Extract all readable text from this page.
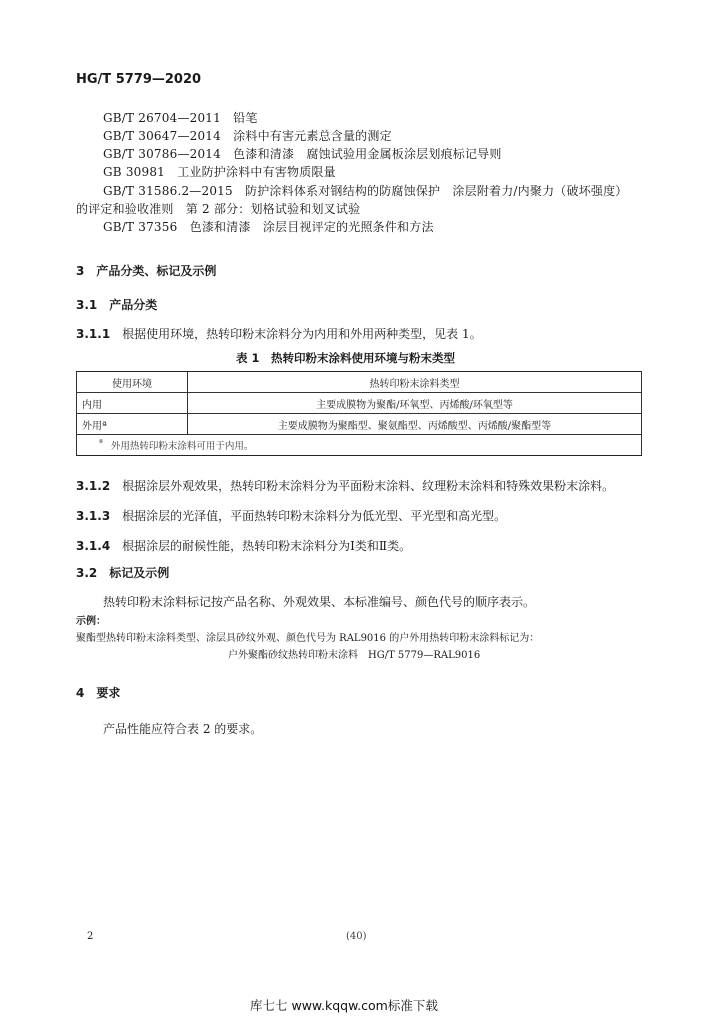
HG/T 5779—2020
GB/T 26704—2011　铅笔
GB/T 30647—2014　涂料中有害元素总含量的测定
GB/T 30786—2014　色漆和清漆　腐蚀试验用金属板涂层划痕标记导则
GB 30981　工业防护涂料中有害物质限量
GB/T 31586.2—2015　防护涂料体系对钢结构的防腐蚀保护　涂层附着力/内聚力（破坏强度）
的评定和验收准则　第 2 部分：划格试验和划叉试验
GB/T 37356　色漆和清漆　涂层目视评定的光照条件和方法
3　产品分类、标记及示例
3.1　产品分类
3.1.1 根据使用环境，热转印粉末涂料分为内用和外用两种类型，见表 1。
表 1　热转印粉末涂料使用环境与粉末类型
使用环境	热转印粉末涂料类型
内用	主要成膜物为聚酯/环氧型、丙烯酸/环氧型等
外用ª	主要成膜物为聚酯型、聚氨酯型、丙烯酸型、丙烯酸/聚酯型等
$^ª$ 外用热转印粉末涂料可用于内用。	
3.1.2 根据涂层外观效果，热转印粉末涂料分为平面粉末涂料、纹理粉末涂料和特殊效果粉末涂料。
3.1.3 根据涂层的光泽值，平面热转印粉末涂料分为低光型、平光型和高光型。
3.1.4 根据涂层的耐候性能，热转印粉末涂料分为Ⅰ类和Ⅱ类。
3.2　标记及示例
热转印粉末涂料标记按产品名称、外观效果、本标准编号、颜色代号的顺序表示。
示例：
聚酯型热转印粉末涂料类型、涂层具砂纹外观、颜色代号为 RAL9016 的户外用热转印粉末涂料标记为：
户外聚酯砂纹热转印粉末涂料　HG/T 5779—RAL9016
4　要求
产品性能应符合表 2 的要求。
2	(40)
库七七 www.kqqw.com标准下载
